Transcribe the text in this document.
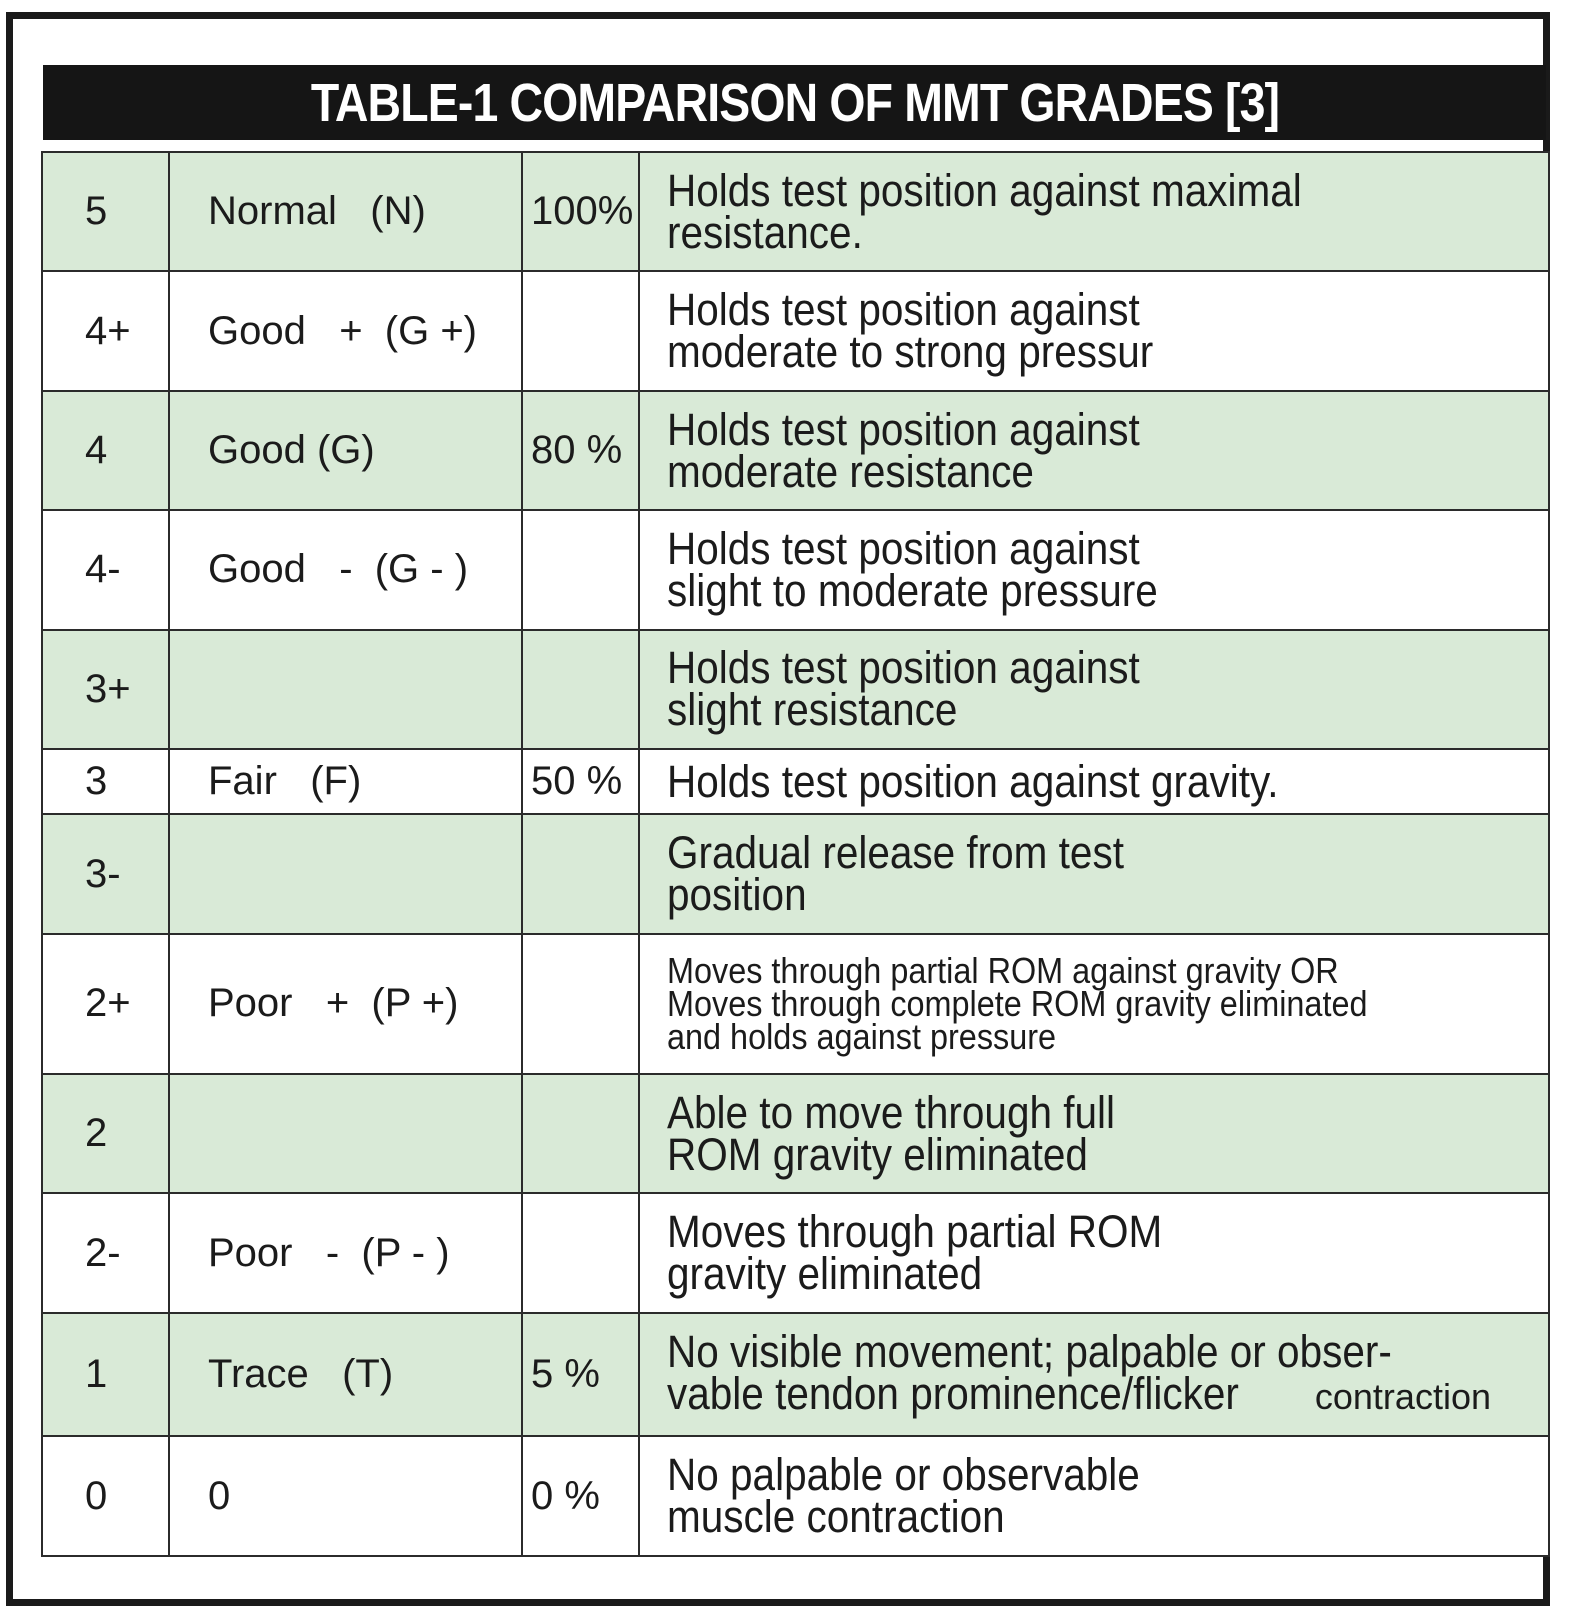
TABLE-1 COMPARISON OF MMT GRADES [3]
5	Normal   (N)	100%	Holds test position against maximal
resistance.

4+	Good   +  (G +)		Holds test position against
moderate to strong pressur

4	Good (G)	80 %	Holds test position against
moderate resistance

4-	Good   -  (G - )		Holds test position against
slight to moderate pressure

3+			Holds test position against
slight resistance

3	Fair   (F)	50 %	Holds test position against gravity.

3-			Gradual release from test
position

2+	Poor   +  (P +)		Moves through partial ROM against gravity OR
Moves through complete ROM gravity eliminated
and holds against pressure

2			Able to move through full
ROM gravity eliminated

2-	Poor   -  (P - )		Moves through partial ROM
gravity eliminated

1	Trace   (T)	5 %	No visible movement; palpable or obser-
vable tendon prominence/flicker contraction

0	0	0 %	No palpable or observable
muscle contraction
